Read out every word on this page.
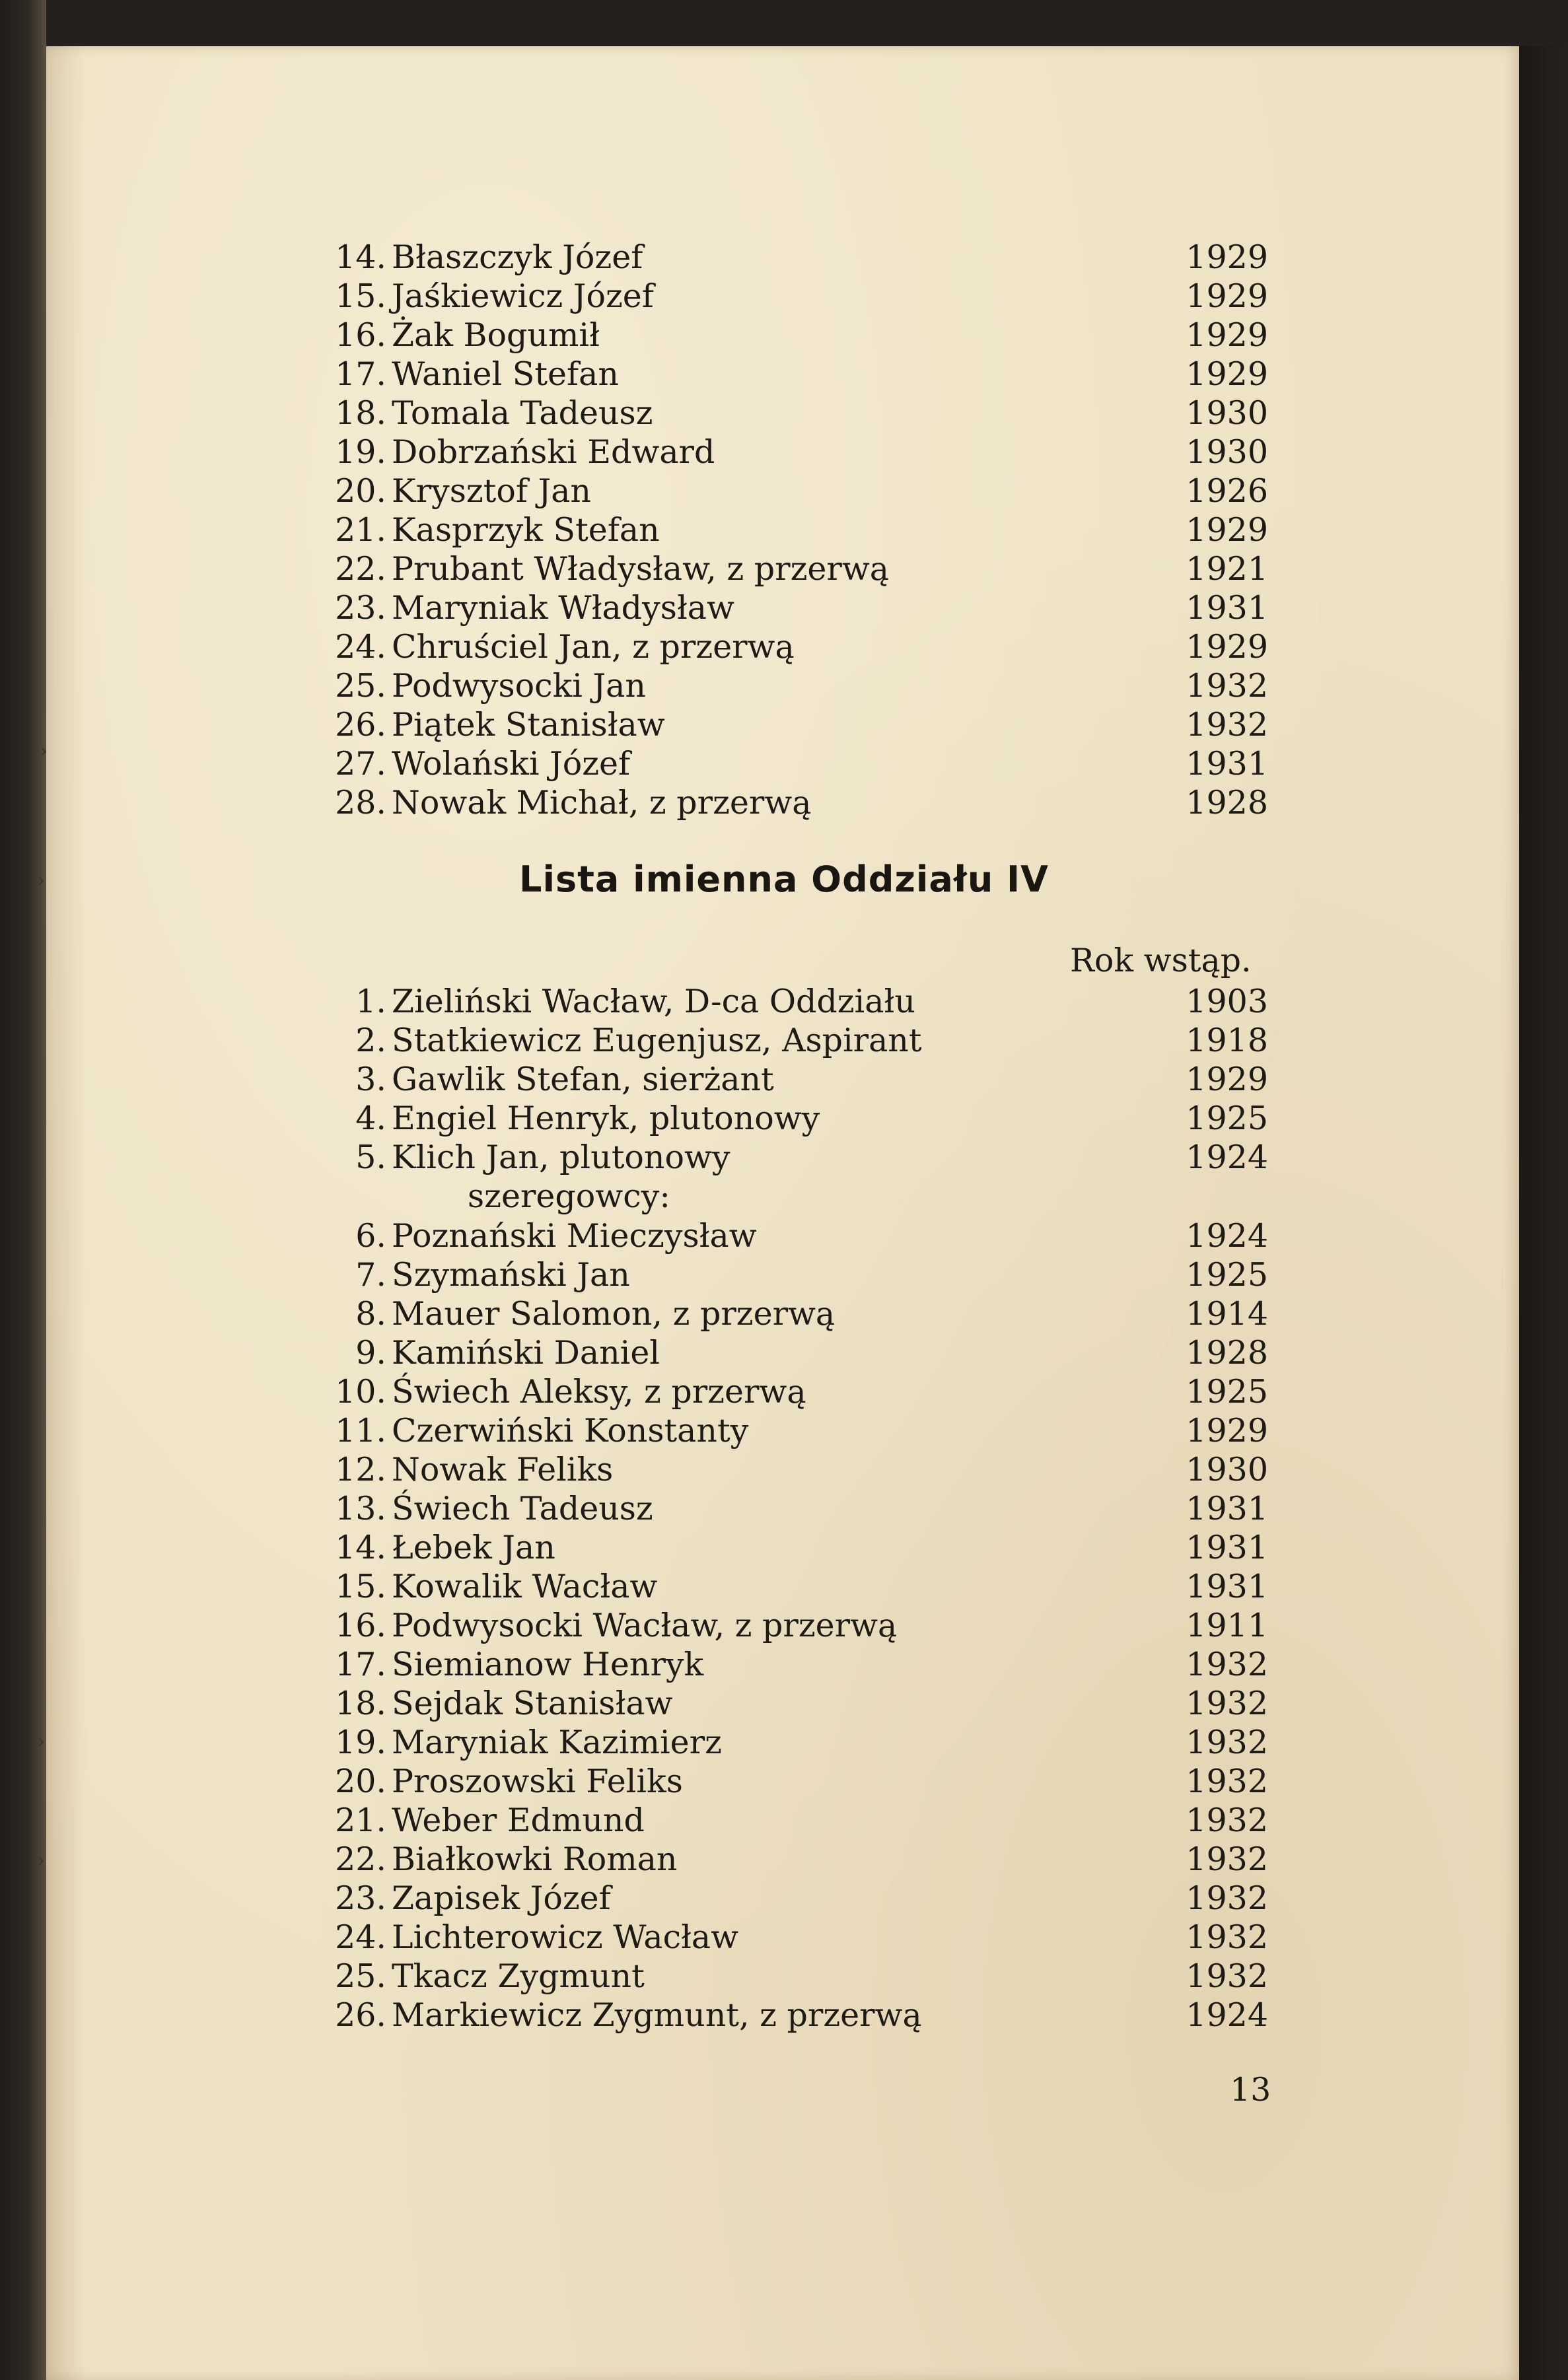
14. Błaszczyk Józef	1929
15. Jaśkiewicz Józef	1929
16. Żak Bogumił	1929
17. Waniel Stefan	1929
18. Tomala Tadeusz	1930
19. Dobrzański Edward	1930
20. Krysztof Jan	1926
21. Kasprzyk Stefan	1929
22. Prubant Władysław, z przerwą	1921
23. Maryniak Władysław	1931
24. Chruściel Jan, z przerwą	1929
25. Podwysocki Jan	1932
26. Piątek Stanisław	1932
27. Wolański Józef	1931
28. Nowak Michał, z przerwą	1928
Lista imienna Oddziału IV
Rok wstąp.
1. Zieliński Wacław, D-ca Oddziału	1903
2. Statkiewicz Eugenjusz, Aspirant	1918
3. Gawlik Stefan, sierżant	1929
4. Engiel Henryk, plutonowy	1925
5. Klich Jan, plutonowy	1924
szeregowcy:
6. Poznański Mieczysław	1924
7. Szymański Jan	1925
8. Mauer Salomon, z przerwą	1914
9. Kamiński Daniel	1928
10. Świech Aleksy, z przerwą	1925
11. Czerwiński Konstanty	1929
12. Nowak Feliks	1930
13. Świech Tadeusz	1931
14. Łebek Jan	1931
15. Kowalik Wacław	1931
16. Podwysocki Wacław, z przerwą	1911
17. Siemianow Henryk	1932
18. Sejdak Stanisław	1932
19. Maryniak Kazimierz	1932
20. Proszowski Feliks	1932
21. Weber Edmund	1932
22. Białkowki Roman	1932
23. Zapisek Józef	1932
24. Lichterowicz Wacław	1932
25. Tkacz Zygmunt	1932
26. Markiewicz Zygmunt, z przerwą	1924
13
›
›
›
›
